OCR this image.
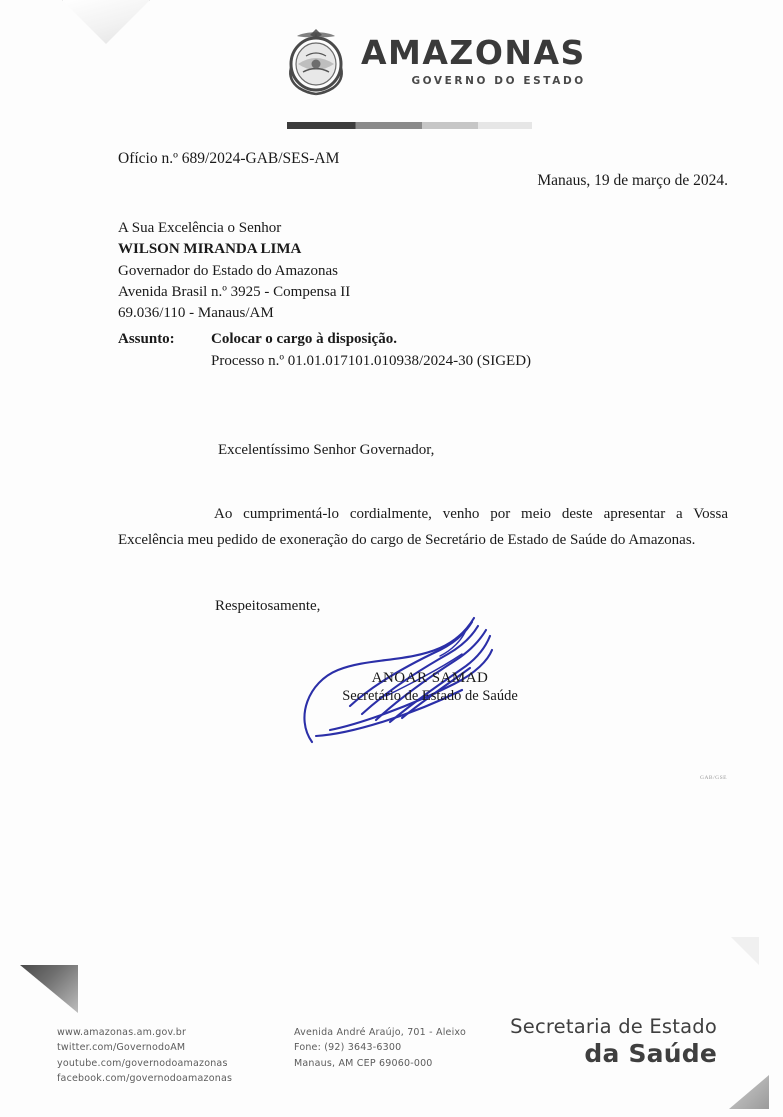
AMAZONAS
GOVERNO DO ESTADO
Ofício n.º 689/2024-GAB/SES-AM
Manaus, 19 de março de 2024.
A Sua Excelência o Senhor
WILSON MIRANDA LIMA
Governador do Estado do Amazonas
Avenida Brasil n.º 3925 - Compensa II
69.036/110 - Manaus/AM
Assunto:	Colocar o cargo à disposição.
Processo n.º 01.01.017101.010938/2024-30 (SIGED)
Excelentíssimo Senhor Governador,
Ao cumprimentá-lo cordialmente, venho por meio deste apresentar a Vossa Excelência meu pedido de exoneração do cargo de Secretário de Estado de Saúde do Amazonas.
Respeitosamente,
ANOAR SAMAD
Secretário de Estado de Saúde
GAB/GSE
www.amazonas.am.gov.br
twitter.com/GovernodoAM
youtube.com/governodoamazonas
facebook.com/governodoamazonas
Avenida André Araújo, 701 - Aleixo
Fone: (92) 3643-6300
Manaus, AM CEP 69060-000
Secretaria de Estado
da Saúde
